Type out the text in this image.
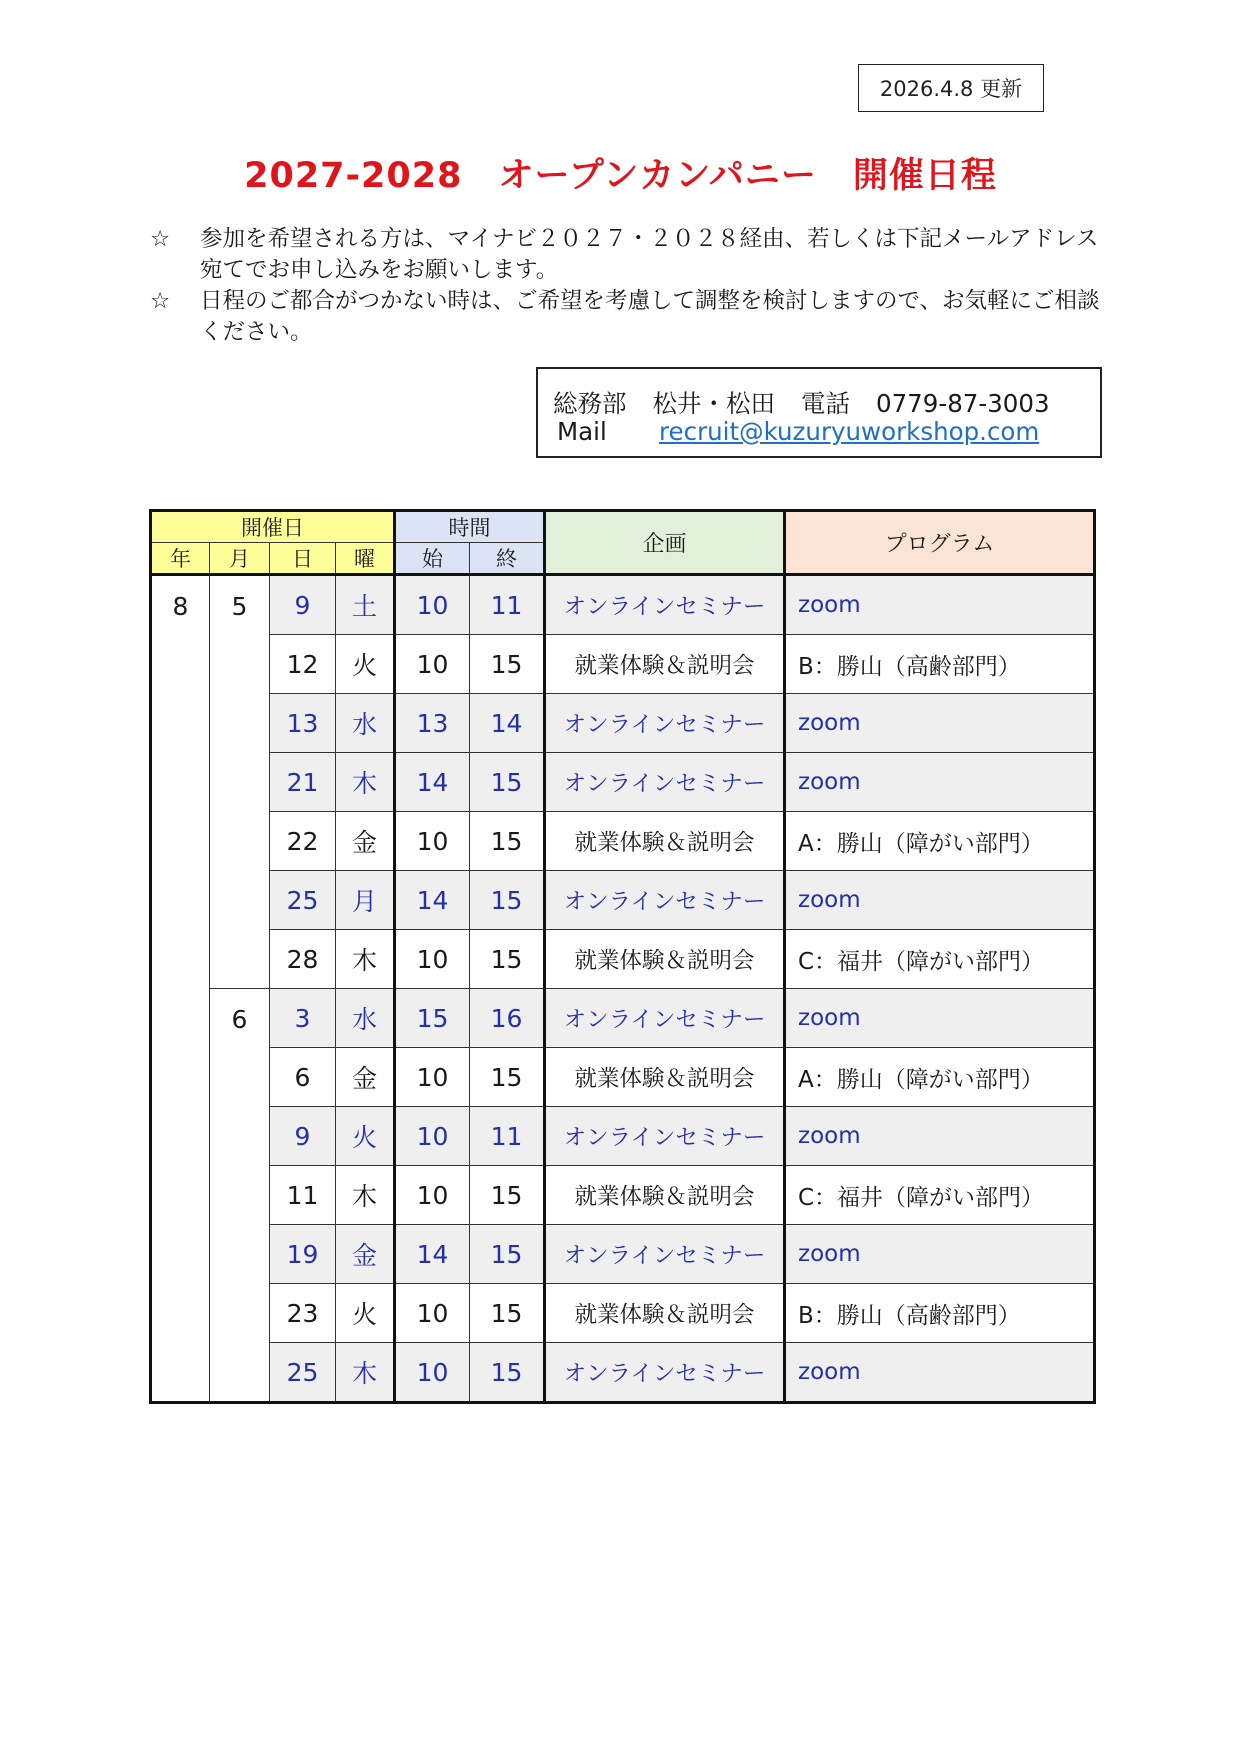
2026.4.8 更新
2027-2028　オープンカンパニー　開催日程
☆	参加を希望される方は、マイナビ２０２７・２０２８経由、若しくは下記メールアドレス宛てでお申し込みをお願いします。
☆	日程のご都合がつかない時は、ご希望を考慮して調整を検討しますので、お気軽にご相談ください。
総務部 松井・松田 電話 0779-87-3003
Mail recruit@kuzuryuworkshop.com
開催日				時間		企画	プログラム
年	月	日	曜	始	終		
8	5	9	土	10	11	オンラインセミナー	zoom
		12	火	10	15	就業体験＆説明会	B：勝山（高齢部門）
		13	水	13	14	オンラインセミナー	zoom
		21	木	14	15	オンラインセミナー	zoom
		22	金	10	15	就業体験＆説明会	A：勝山（障がい部門）
		25	月	14	15	オンラインセミナー	zoom
		28	木	10	15	就業体験＆説明会	C：福井（障がい部門）
	6	3	水	15	16	オンラインセミナー	zoom
		6	金	10	15	就業体験＆説明会	A：勝山（障がい部門）
		9	火	10	11	オンラインセミナー	zoom
		11	木	10	15	就業体験＆説明会	C：福井（障がい部門）
		19	金	14	15	オンラインセミナー	zoom
		23	火	10	15	就業体験＆説明会	B：勝山（高齢部門）
		25	木	10	15	オンラインセミナー	zoom
